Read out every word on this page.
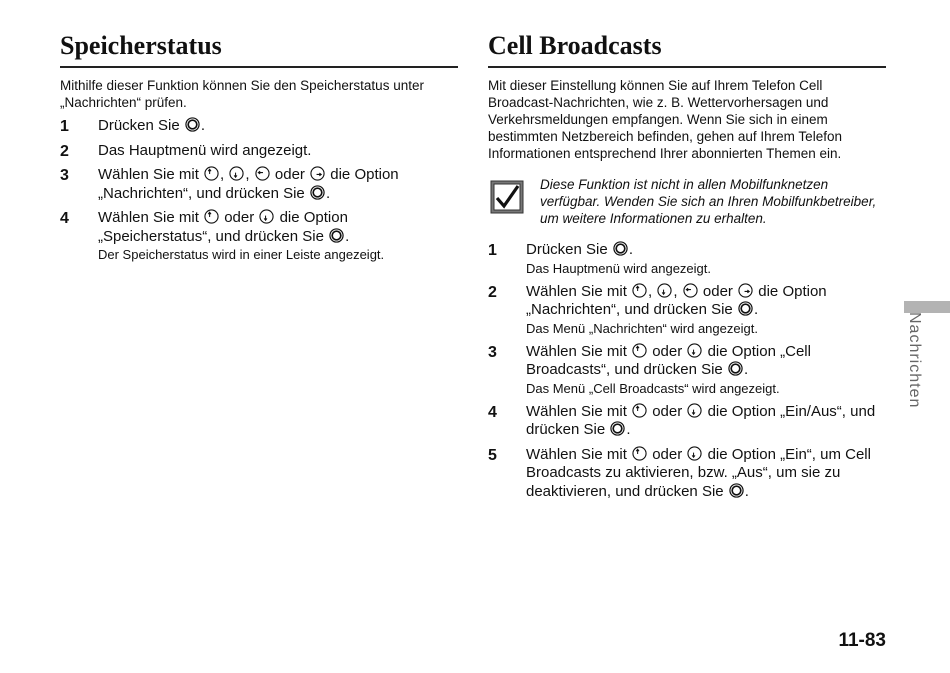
Speicherstatus

Mithilfe dieser Funktion können Sie den Speicherstatus unter „Nachrichten“ prüfen.

1 Drücken Sie
.
2 Das Hauptmenü wird angezeigt.
3 Wählen Sie mit
,
,
oder
die Option „Nachrichten“, und drücken Sie
.
4 Wählen Sie mit
oder
die Option „Speicherstatus“, und drücken Sie
.
Der Speicherstatus wird in einer Leiste angezeigt.
Cell Broadcasts

Mit dieser Einstellung können Sie auf Ihrem Telefon Cell Broadcast-Nachrichten, wie z. B. Wettervorhersagen und Verkehrsmeldungen empfangen. Wenn Sie sich in einem bestimmten Netzbereich befinden, gehen auf Ihrem Telefon Informationen entsprechend Ihrer abonnierten Themen ein.

Diese Funktion ist nicht in allen Mobilfunknetzen verfügbar. Wenden Sie sich an Ihren Mobilfunkbetreiber, um weitere Informationen zu erhalten.
1 Drücken Sie
.
Das Hauptmenü wird angezeigt.
2 Wählen Sie mit
,
,
oder
die Option „Nachrichten“, und drücken Sie
.
Das Menü „Nachrichten“ wird angezeigt.
3 Wählen Sie mit
oder
die Option „Cell Broadcasts“, und drücken Sie
.
Das Menü „Cell Broadcasts“ wird angezeigt.
4 Wählen Sie mit
oder
die Option „Ein/Aus“, und drücken Sie
.
5 Wählen Sie mit
oder
die Option „Ein“, um Cell Broadcasts zu aktivieren, bzw. „Aus“, um sie zu deaktivieren, und drücken Sie
.
Nachrichten
11-83
